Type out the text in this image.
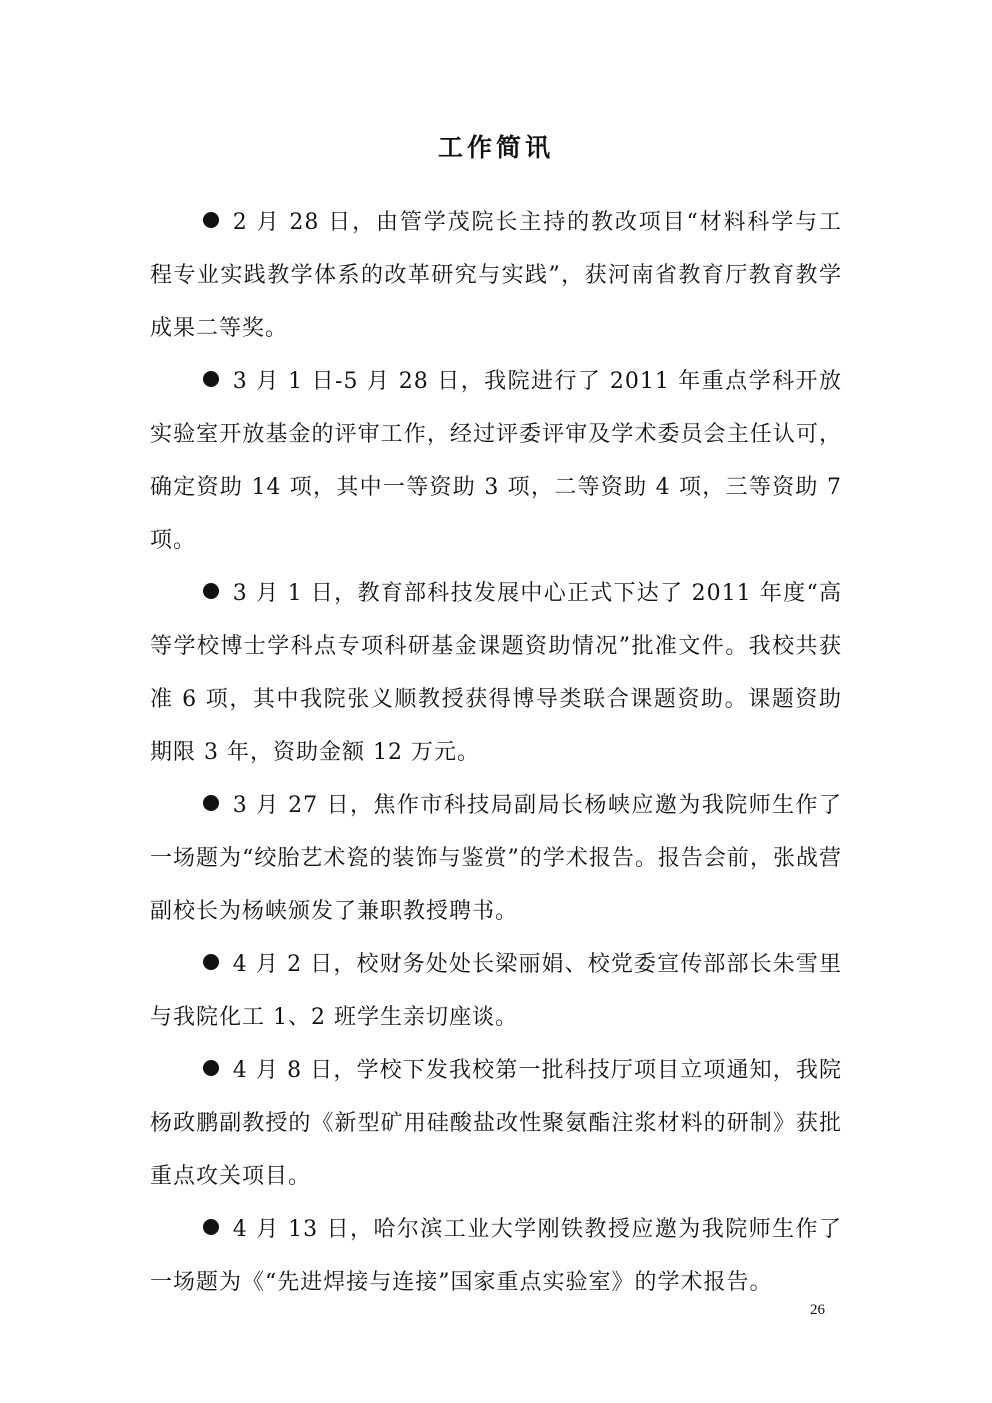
工作简讯

2 月 28 日，由管学茂院长主持的教改项目“材料科学与工程专业实践教学体系的改革研究与实践”，获河南省教育厅教育教学成果二等奖。

3 月 1 日-5 月 28 日，我院进行了 2011 年重点学科开放实验室开放基金的评审工作，经过评委评审及学术委员会主任认可，确定资助 14 项，其中一等资助 3 项，二等资助 4 项，三等资助 7 项。

3 月 1 日，教育部科技发展中心正式下达了 2011 年度“高等学校博士学科点专项科研基金课题资助情况”批准文件。我校共获准 6 项，其中我院张义顺教授获得博导类联合课题资助。课题资助期限 3 年，资助金额 12 万元。

3 月 27 日，焦作市科技局副局长杨峡应邀为我院师生作了一场题为“绞胎艺术瓷的装饰与鉴赏”的学术报告。报告会前，张战营副校长为杨峡颁发了兼职教授聘书。

4 月 2 日，校财务处处长梁丽娟、校党委宣传部部长朱雪里与我院化工 1、2 班学生亲切座谈。

4 月 8 日，学校下发我校第一批科技厅项目立项通知，我院杨政鹏副教授的《新型矿用硅酸盐改性聚氨酯注浆材料的研制》获批重点攻关项目。

4 月 13 日，哈尔滨工业大学刚铁教授应邀为我院师生作了一场题为《“先进焊接与连接”国家重点实验室》的学术报告。

26
